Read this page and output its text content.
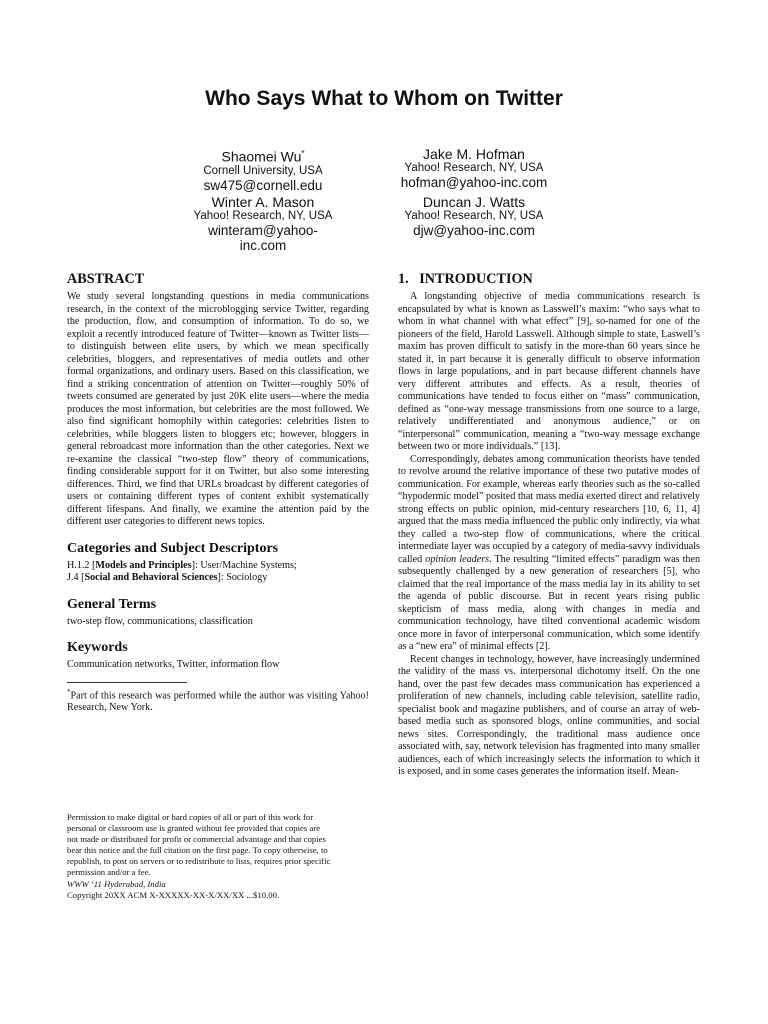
Who Says What to Whom on Twitter
Shaomei Wu*
Cornell University, USA
sw475@cornell.edu
Jake M. Hofman
Yahoo! Research, NY, USA
hofman@yahoo-inc.com
Winter A. Mason
Yahoo! Research, NY, USA
winteram@yahoo-
inc.com
Duncan J. Watts
Yahoo! Research, NY, USA
djw@yahoo-inc.com
ABSTRACT

We study several longstanding questions in media communications research, in the context of the microblogging service Twitter, regarding the production, flow, and consumption of information. To do so, we exploit a recently introduced feature of Twitter—known as Twitter lists—to distinguish between elite users, by which we mean specifically celebrities, bloggers, and representatives of media outlets and other formal organizations, and ordinary users. Based on this classification, we find a striking concentration of attention on Twitter—roughly 50% of tweets consumed are generated by just 20K elite users—where the media produces the most information, but celebrities are the most followed. We also find significant homophily within categories: celebrities listen to celebrities, while bloggers listen to bloggers etc; however, bloggers in general rebroadcast more information than the other categories. Next we re-examine the classical “two-step flow” theory of communications, finding considerable support for it on Twitter, but also some interesting differences. Third, we find that URLs broadcast by different categories of users or containing different types of content exhibit systematically different lifespans. And finally, we examine the attention paid by the different user categories to different news topics.

Categories and Subject Descriptors

H.1.2 [Models and Principles]: User/Machine Systems;
J.4 [Social and Behavioral Sciences]: Sociology

General Terms

two-step flow, communications, classification

Keywords

Communication networks, Twitter, information flow

*Part of this research was performed while the author was visiting Yahoo! Research, New York.

Permission to make digital or hard copies of all or part of this work for
personal or classroom use is granted without fee provided that copies are
not made or distributed for profit or commercial advantage and that copies
bear this notice and the full citation on the first page. To copy otherwise, to
republish, to post on servers or to redistribute to lists, requires prior specific
permission and/or a fee.
WWW ‘11 Hyderabad, India
Copyright 20XX ACM X-XXXXX-XX-X/XX/XX ...$10.00.
1.   INTRODUCTION

A longstanding objective of media communications research is encapsulated by what is known as Lasswell’s maxim: “who says what to whom in what channel with what effect” [9], so-named for one of the pioneers of the field, Harold Lasswell. Although simple to state, Laswell’s maxim has proven difficult to satisfy in the more-than 60 years since he stated it, in part because it is generally difficult to observe information flows in large populations, and in part because different channels have very different attributes and effects. As a result, theories of communications have tended to focus either on “mass” communication, defined as “one-way message transmissions from one source to a large, relatively undifferentiated and anonymous audience,” or on “interpersonal” communication, meaning a “two-way message exchange between two or more individuals.” [13].

Correspondingly, debates among communication theorists have tended to revolve around the relative importance of these two putative modes of communication. For example, whereas early theories such as the so-called “hypodermic model” posited that mass media exerted direct and relatively strong effects on public opinion, mid-century researchers [10, 6, 11, 4] argued that the mass media influenced the public only indirectly, via what they called a two-step flow of communications, where the critical intermediate layer was occupied by a category of media-savvy individuals called opinion leaders. The resulting “limited effects” paradigm was then subsequently challenged by a new generation of researchers [5], who claimed that the real importance of the mass media lay in its ability to set the agenda of public discourse. But in recent years rising public skepticism of mass media, along with changes in media and communication technology, have tilted conventional academic wisdom once more in favor of interpersonal communication, which some identify as a “new era” of minimal effects [2].

Recent changes in technology, however, have increasingly undermined the validity of the mass vs. interpersonal dichotomy itself. On the one hand, over the past few decades mass communication has experienced a proliferation of new channels, including cable television, satellite radio, specialist book and magazine publishers, and of course an array of web-based media such as sponsored blogs, online communities, and social news sites. Correspondingly, the traditional mass audience once associated with, say, network television has fragmented into many smaller audiences, each of which increasingly selects the information to which it is exposed, and in some cases generates the information itself. Mean-
